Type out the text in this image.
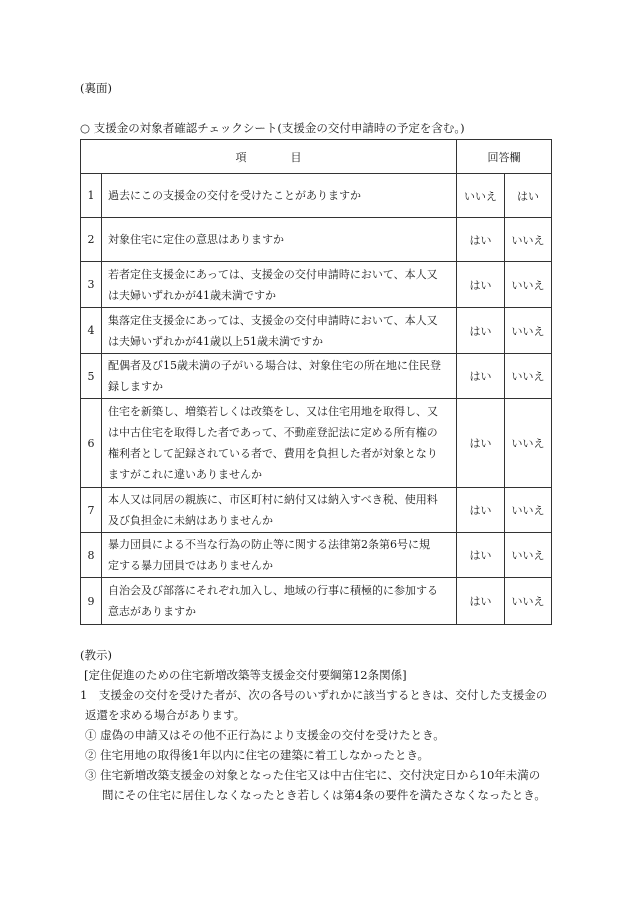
(裏面)
○ 支援金の対象者確認チェックシート(支援金の交付申請時の予定を含む。)
項　　　　目		回答欄	
1	過去にこの支援金の交付を受けたことがありますか	いいえ	はい
2	対象住宅に定住の意思はありますか	はい	いいえ
3	若者定住支援金にあっては、支援金の交付申請時において、本人又
は夫婦いずれかが41歳未満ですか	はい	いいえ
4	集落定住支援金にあっては、支援金の交付申請時において、本人又
は夫婦いずれかが41歳以上51歳未満ですか	はい	いいえ
5	配偶者及び15歳未満の子がいる場合は、対象住宅の所在地に住民登
録しますか	はい	いいえ
6	住宅を新築し、増築若しくは改築をし、又は住宅用地を取得し、又
は中古住宅を取得した者であって、不動産登記法に定める所有権の
権利者として記録されている者で、費用を負担した者が対象となり
ますがこれに違いありませんか	はい	いいえ
7	本人又は同居の親族に、市区町村に納付又は納入すべき税、使用料
及び負担金に未納はありませんか	はい	いいえ
8	暴力団員による不当な行為の防止等に関する法律第2条第6号に規
定する暴力団員ではありませんか	はい	いいえ
9	自治会及び部落にそれぞれ加入し、地域の行事に積極的に参加する
意志がありますか	はい	いいえ
(教示)
[定住促進のための住宅新増改築等支援金交付要綱第12条関係]
1　支援金の交付を受けた者が、次の各号のいずれかに該当するときは、交付した支援金の
返還を求める場合があります。
① 虚偽の申請又はその他不正行為により支援金の交付を受けたとき。
② 住宅用地の取得後1年以内に住宅の建築に着工しなかったとき。
③ 住宅新増改築支援金の対象となった住宅又は中古住宅に、交付決定日から10年未満の
間にその住宅に居住しなくなったとき若しくは第4条の要件を満たさなくなったとき。
